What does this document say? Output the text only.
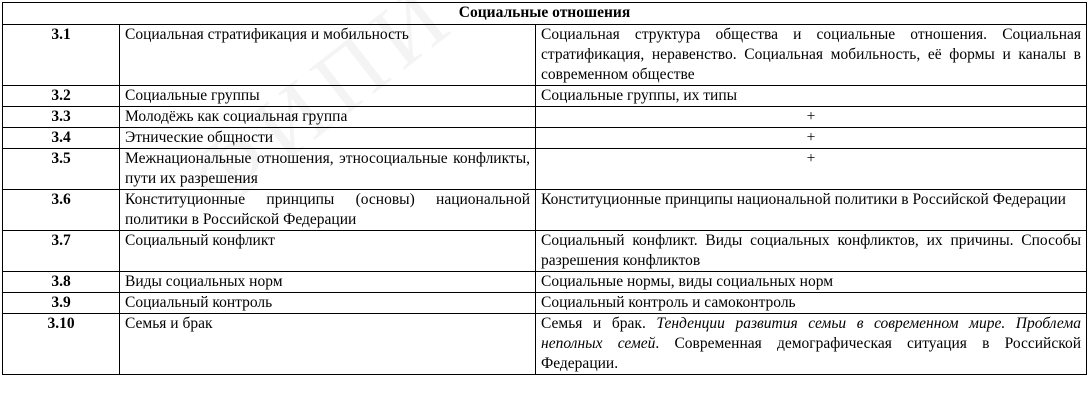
Социальные отношения		
3.1	Социальная стратификация и мобильность	Социальная структура общества и социальные отношения. Социальная стратификация, неравенство. Социальная мобильность, её формы и каналы в современном обществе
3.2	Социальные группы	Социальные группы, их типы
3.3	Молодёжь как социальная группа	+
3.4	Этнические общности	+
3.5	Межнациональные отношения, этносоциальные конфликты, пути их разрешения	+
3.6	Конституционные принципы (основы) национальной политики в Российской Федерации	Конституционные принципы национальной политики в Российской Федерации
3.7	Социальный конфликт	Социальный конфликт. Виды социальных конфликтов, их причины. Способы разрешения конфликтов
3.8	Виды социальных норм	Социальные нормы, виды социальных норм
3.9	Социальный контроль	Социальный контроль и самоконтроль
3.10	Семья и брак	Семья и брак. Тенденции развития семьи в современном мире. Проблема неполных семей. Современная демографическая ситуация в Российской Федерации.
